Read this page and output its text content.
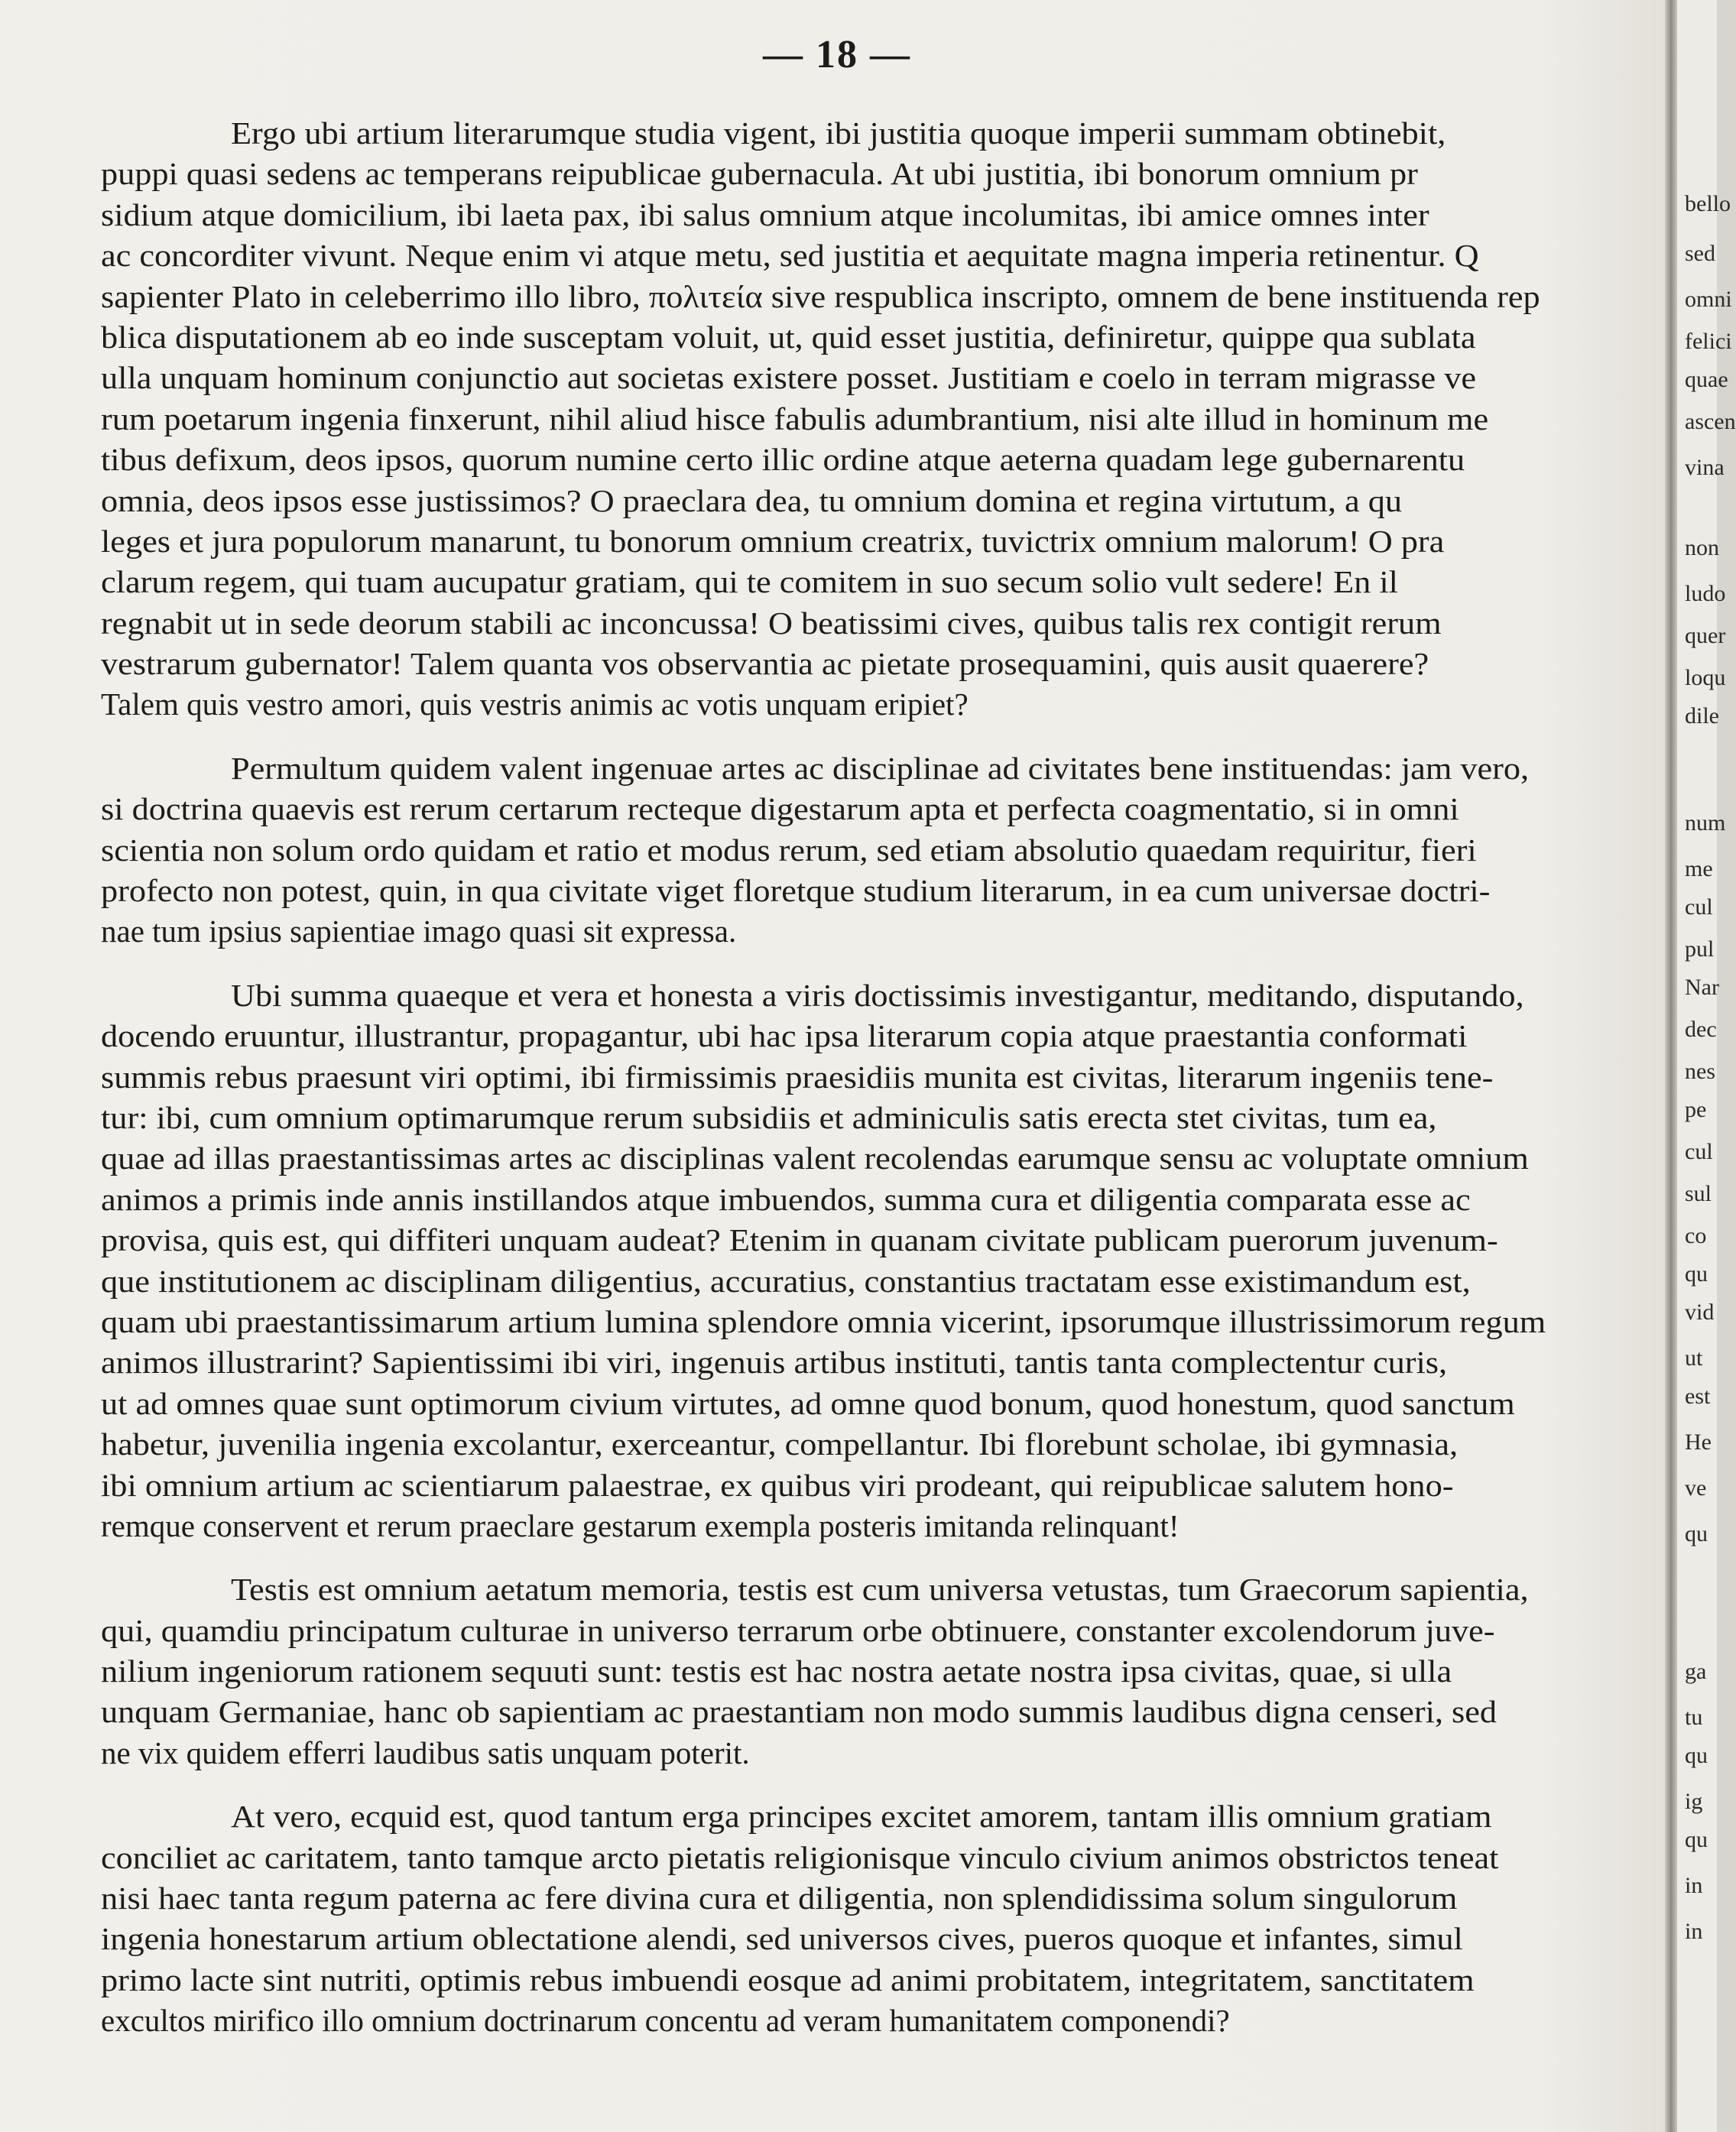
— 18 —
Ergo ubi artium literarumque studia vigent, ibi justitia quoque imperii summam obtinebit,
puppi quasi sedens ac temperans reipublicae gubernacula. At ubi justitia, ibi bonorum omnium pr
sidium atque domicilium, ibi laeta pax, ibi salus omnium atque incolumitas, ibi amice omnes inter
ac concorditer vivunt. Neque enim vi atque metu, sed justitia et aequitate magna imperia retinentur. Q
sapienter Plato in celeberrimo illo libro, πολιτεία sive respublica inscripto, omnem de bene instituenda rep
blica disputationem ab eo inde susceptam voluit, ut, quid esset justitia, definiretur, quippe qua sublata
ulla unquam hominum conjunctio aut societas existere posset. Justitiam e coelo in terram migrasse ve
rum poetarum ingenia finxerunt, nihil aliud hisce fabulis adumbrantium, nisi alte illud in hominum me
tibus defixum, deos ipsos, quorum numine certo illic ordine atque aeterna quadam lege gubernarentu
omnia, deos ipsos esse justissimos? O praeclara dea, tu omnium domina et regina virtutum, a qu
leges et jura populorum manarunt, tu bonorum omnium creatrix, tuvictrix omnium malorum! O pra
clarum regem, qui tuam aucupatur gratiam, qui te comitem in suo secum solio vult sedere! En il
regnabit ut in sede deorum stabili ac inconcussa! O beatissimi cives, quibus talis rex contigit rerum
vestrarum gubernator! Talem quanta vos observantia ac pietate prosequamini, quis ausit quaerere?
Talem quis vestro amori, quis vestris animis ac votis unquam eripiet?
Permultum quidem valent ingenuae artes ac disciplinae ad civitates bene instituendas: jam vero,
si doctrina quaevis est rerum certarum recteque digestarum apta et perfecta coagmentatio, si in omni
scientia non solum ordo quidam et ratio et modus rerum, sed etiam absolutio quaedam requiritur, fieri
profecto non potest, quin, in qua civitate viget floretque studium literarum, in ea cum universae doctri-
nae tum ipsius sapientiae imago quasi sit expressa.
Ubi summa quaeque et vera et honesta a viris doctissimis investigantur, meditando, disputando,
docendo eruuntur, illustrantur, propagantur, ubi hac ipsa literarum copia atque praestantia conformati
summis rebus praesunt viri optimi, ibi firmissimis praesidiis munita est civitas, literarum ingeniis tene-
tur: ibi, cum omnium optimarumque rerum subsidiis et adminiculis satis erecta stet civitas, tum ea,
quae ad illas praestantissimas artes ac disciplinas valent recolendas earumque sensu ac voluptate omnium
animos a primis inde annis instillandos atque imbuendos, summa cura et diligentia comparata esse ac
provisa, quis est, qui diffiteri unquam audeat? Etenim in quanam civitate publicam puerorum juvenum-
que institutionem ac disciplinam diligentius, accuratius, constantius tractatam esse existimandum est,
quam ubi praestantissimarum artium lumina splendore omnia vicerint, ipsorumque illustrissimorum regum
animos illustrarint? Sapientissimi ibi viri, ingenuis artibus instituti, tantis tanta complectentur curis,
ut ad omnes quae sunt optimorum civium virtutes, ad omne quod bonum, quod honestum, quod sanctum
habetur, juvenilia ingenia excolantur, exerceantur, compellantur. Ibi florebunt scholae, ibi gymnasia,
ibi omnium artium ac scientiarum palaestrae, ex quibus viri prodeant, qui reipublicae salutem hono-
remque conservent et rerum praeclare gestarum exempla posteris imitanda relinquant!
Testis est omnium aetatum memoria, testis est cum universa vetustas, tum Graecorum sapientia,
qui, quamdiu principatum culturae in universo terrarum orbe obtinuere, constanter excolendorum juve-
nilium ingeniorum rationem sequuti sunt: testis est hac nostra aetate nostra ipsa civitas, quae, si ulla
unquam Germaniae, hanc ob sapientiam ac praestantiam non modo summis laudibus digna censeri, sed
ne vix quidem efferri laudibus satis unquam poterit.
At vero, ecquid est, quod tantum erga principes excitet amorem, tantam illis omnium gratiam
conciliet ac caritatem, tanto tamque arcto pietatis religionisque vinculo civium animos obstrictos teneat
nisi haec tanta regum paterna ac fere divina cura et diligentia, non splendidissima solum singulorum
ingenia honestarum artium oblectatione alendi, sed universos cives, pueros quoque et infantes, simul
primo lacte sint nutriti, optimis rebus imbuendi eosque ad animi probitatem, integritatem, sanctitatem
excultos mirifico illo omnium doctrinarum concentu ad veram humanitatem componendi?
bello
sed
omni
felici
quae
ascen
vina
non
ludo
quer
loqu
dile
num
me
cul
pul
Nar
dec
nes
pe
cul
sul
co
qu
vid
ut
est
He
ve
qu
ga
tu
qu
ig
qu
in
in
